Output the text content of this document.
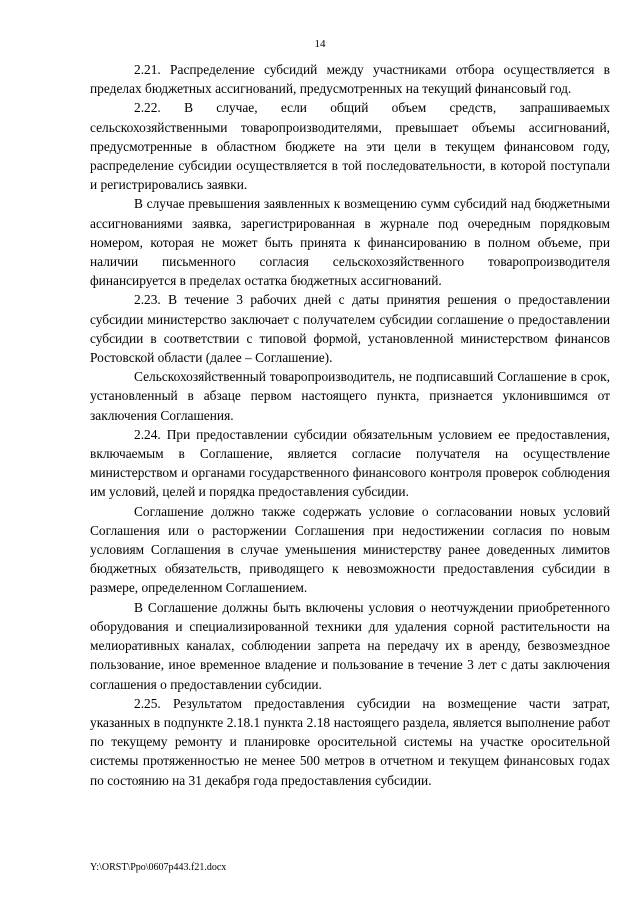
14

2.21. Распределение субсидий между участниками отбора осуществляется в пределах бюджетных ассигнований, предусмотренных на текущий финансовый год.

2.22. В случае, если общий объем средств, запрашиваемых сельскохозяйственными товаропроизводителями, превышает объемы ассигнований, предусмотренные в областном бюджете на эти цели в текущем финансовом году, распределение субсидии осуществляется в той последовательности, в которой поступали и регистрировались заявки.

В случае превышения заявленных к возмещению сумм субсидий над бюджетными ассигнованиями заявка, зарегистрированная в журнале под очередным порядковым номером, которая не может быть принята к финансированию в полном объеме, при наличии письменного согласия сельскохозяйственного товаропроизводителя финансируется в пределах остатка бюджетных ассигнований.

2.23. В течение 3 рабочих дней с даты принятия решения о предоставлении субсидии министерство заключает с получателем субсидии соглашение о предоставлении субсидии в соответствии с типовой формой, установленной министерством финансов Ростовской области (далее – Соглашение).

Сельскохозяйственный товаропроизводитель, не подписавший Соглашение в срок, установленный в абзаце первом настоящего пункта, признается уклонившимся от заключения Соглашения.

2.24. При предоставлении субсидии обязательным условием ее предоставления, включаемым в Соглашение, является согласие получателя на осуществление министерством и органами государственного финансового контроля проверок соблюдения им условий, целей и порядка предоставления субсидии.

Соглашение должно также содержать условие о согласовании новых условий Соглашения или о расторжении Соглашения при недостижении согласия по новым условиям Соглашения в случае уменьшения министерству ранее доведенных лимитов бюджетных обязательств, приводящего к невозможности предоставления субсидии в размере, определенном Соглашением.

В Соглашение должны быть включены условия о неотчуждении приобретенного оборудования и специализированной техники для удаления сорной растительности на мелиоративных каналах, соблюдении запрета на передачу их в аренду, безвозмездное пользование, иное временное владение и пользование в течение 3 лет с даты заключения соглашения о предоставлении субсидии.

2.25. Результатом предоставления субсидии на возмещение части затрат, указанных в подпункте 2.18.1 пункта 2.18 настоящего раздела, является выполнение работ по текущему ремонту и планировке оросительной системы на участке оросительной системы протяженностью не менее 500 метров в отчетном и текущем финансовых годах по состоянию на 31 декабря года предоставления субсидии.

Y:\ORST\Ppo\0607p443.f21.docx
